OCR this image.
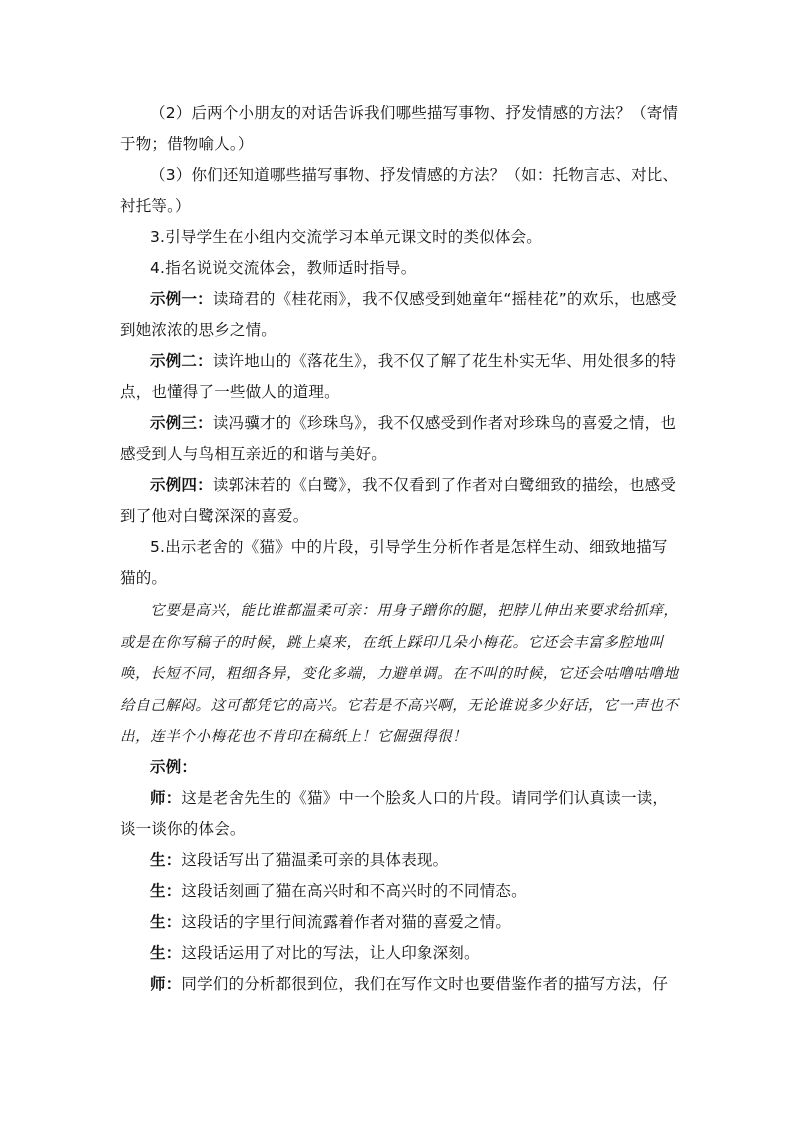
（2）后两个小朋友的对话告诉我们哪些描写事物、抒发情感的方法？（寄情于物；借物喻人。）

（3）你们还知道哪些描写事物、抒发情感的方法？（如：托物言志、对比、衬托等。）

3.引导学生在小组内交流学习本单元课文时的类似体会。

4.指名说说交流体会，教师适时指导。

示例一：读琦君的《桂花雨》，我不仅感受到她童年“摇桂花”的欢乐，也感受到她浓浓的思乡之情。

示例二：读许地山的《落花生》，我不仅了解了花生朴实无华、用处很多的特点，也懂得了一些做人的道理。

示例三：读冯骥才的《珍珠鸟》，我不仅感受到作者对珍珠鸟的喜爱之情，也感受到人与鸟相互亲近的和谐与美好。

示例四：读郭沫若的《白鹭》，我不仅看到了作者对白鹭细致的描绘，也感受到了他对白鹭深深的喜爱。

5.出示老舍的《猫》中的片段，引导学生分析作者是怎样生动、细致地描写猫的。

它要是高兴，能比谁都温柔可亲：用身子蹭你的腿，把脖儿伸出来要求给抓痒，或是在你写稿子的时候，跳上桌来，在纸上踩印几朵小梅花。它还会丰富多腔地叫唤，长短不同，粗细各异，变化多端，力避单调。在不叫的时候，它还会咕噜咕噜地给自己解闷。这可都凭它的高兴。它若是不高兴啊，无论谁说多少好话，它一声也不出，连半个小梅花也不肯印在稿纸上！它倔强得很！

示例：

师：这是老舍先生的《猫》中一个脍炙人口的片段。请同学们认真读一读，谈一谈你的体会。

生：这段话写出了猫温柔可亲的具体表现。

生：这段话刻画了猫在高兴时和不高兴时的不同情态。

生：这段话的字里行间流露着作者对猫的喜爱之情。

生：这段话运用了对比的写法，让人印象深刻。

师：同学们的分析都很到位，我们在写作文时也要借鉴作者的描写方法，仔
